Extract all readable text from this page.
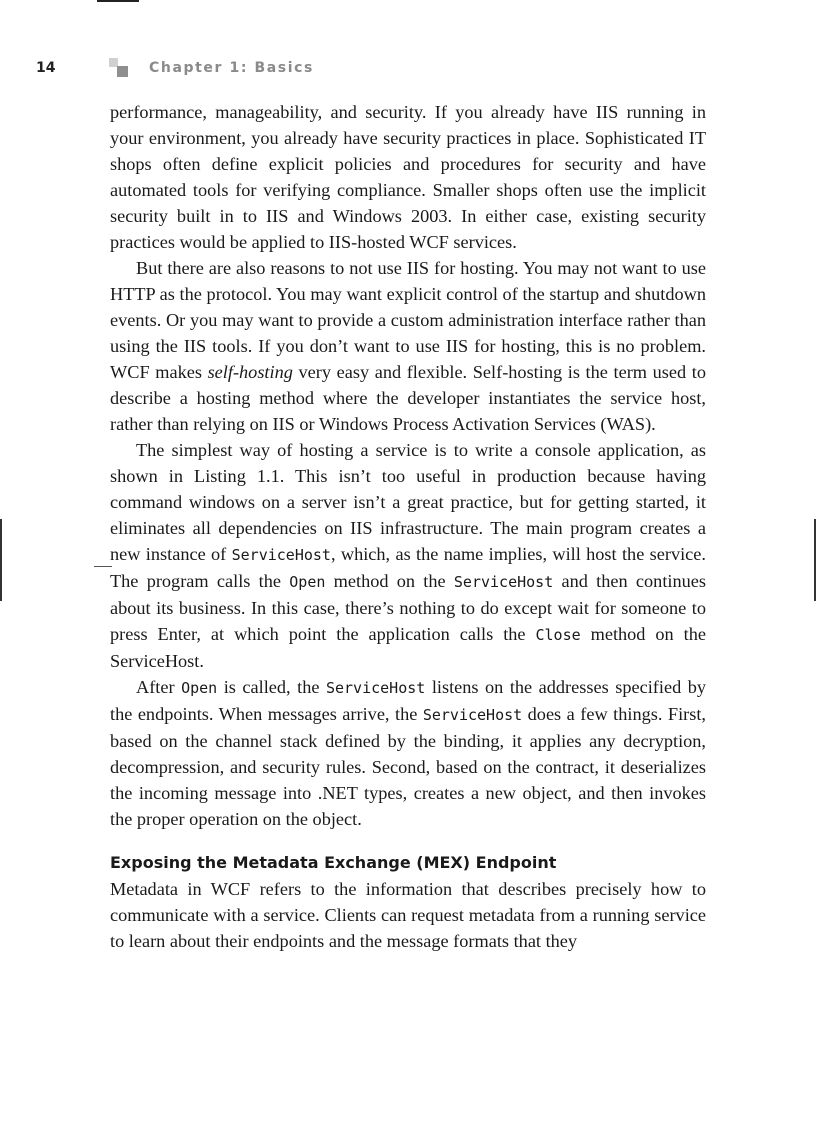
14	Chapter 1: Basics

performance, manageability, and security. If you already have IIS running in your environment, you already have security practices in place. Sophisticated IT shops often define explicit policies and procedures for security and have automated tools for verifying compliance. Smaller shops often use the implicit security built in to IIS and Windows 2003. In either case, existing security practices would be applied to IIS-hosted WCF services.

But there are also reasons to not use IIS for hosting. You may not want to use HTTP as the protocol. You may want explicit control of the startup and shutdown events. Or you may want to provide a custom administration interface rather than using the IIS tools. If you don’t want to use IIS for hosting, this is no problem. WCF makes self-hosting very easy and flexible. Self-hosting is the term used to describe a hosting method where the developer instantiates the service host, rather than relying on IIS or Windows Process Activation Services (WAS).

The simplest way of hosting a service is to write a console application, as shown in Listing 1.1. This isn’t too useful in production because having command windows on a server isn’t a great practice, but for getting started, it eliminates all dependencies on IIS infrastructure. The main program creates a new instance of ServiceHost, which, as the name implies, will host the service. The program calls the Open method on the ServiceHost and then continues about its business. In this case, there’s nothing to do except wait for someone to press Enter, at which point the application calls the Close method on the ServiceHost.

After Open is called, the ServiceHost listens on the addresses specified by the endpoints. When messages arrive, the ServiceHost does a few things. First, based on the channel stack defined by the binding, it applies any decryption, decompression, and security rules. Second, based on the contract, it deserializes the incoming message into .NET types, creates a new object, and then invokes the proper operation on the object.

Exposing the Metadata Exchange (MEX) Endpoint

Metadata in WCF refers to the information that describes precisely how to communicate with a service. Clients can request metadata from a running service to learn about their endpoints and the message formats that they
